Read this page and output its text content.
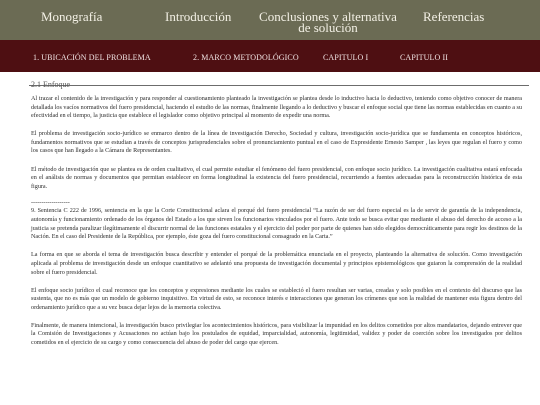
Monografía	Introducción Conclusiones y alternativa de solución
Referencias
1. UBICACIÓN DEL PROBLEMA	2. MARCO METODOLÓGICO	CAPITULO I	CAPITULO II
2.1 Enfoque

Al trazar el contenido de la investigación y para responder al cuestionamiento planteado la investigación se plantea desde lo inductivo hacia lo deductivo, teniendo como objetivo conocer de manera detallada los vacíos normativos del fuero presidencial, haciendo el estudio de las normas, finalmente llegando a lo deductivo y buscar el enfoque social que tiene las normas establecidas en cuanto a su efectividad en el tiempo, la justicia que establece el legislador como objetivo principal al momento de expedir una norma.

El problema de investigación socio-jurídico se enmarco dentro de la línea de investigación Derecho, Sociedad y cultura, investigación socio-jurídica que se fundamenta en conceptos históricos, fundamentos normativos que se estudian a través de conceptos jurisprudenciales sobre el pronunciamiento puntual en el caso de Expresidente Ernesto Samper , las leyes que regulan el fuero y como los casos que han llegado a la Cámara de Representantes.

El método de investigación que se plantea es de orden cualitativo, el cual permite estudiar el fenómeno del fuero presidencial, con enfoque socio jurídico. La investigación cualitativa estará enfocada en el análisis de normas y documentos que permitan establecer en forma longitudinal la existencia del fuero presidencial, recurriendo a fuentes adecuadas para la reconstrucción histórica de esta figura.

-------------------
9. Sentencia C 222 de 1996, sentencia en la que la Corte Constitucional aclara el porqué del fuero presidencial “La razón de ser del fuero especial es la de servir de garantía de la independencia, autonomía y funcionamiento ordenado de los órganos del Estado a los que sirven los funcionarios vinculados por el fuero. Ante todo se busca evitar que mediante el abuso del derecho de acceso a la justicia se pretenda paralizar ilegítimamente el discurrir normal de las funciones estatales y el ejercicio del poder por parte de quienes han sido elegidos democráticamente para regir los destinos de la Nación. En el caso del Presidente de la República, por ejemplo, éste goza del fuero constitucional consagrado en la Carta.”

La forma en que se aborda el tema de investigación busca describir y entender el porqué de la problemática enunciada en el proyecto, planteando la alternativa de solución. Como investigación aplicada al problema de investigación desde un enfoque cuantitativo se adelantó una propuesta de investigación documental y principios epistemológicos que guiaron la comprensión de la realidad sobre el fuero presidencial.

El enfoque socio jurídico el cual reconoce que los conceptos y expresiones mediante los cuales se estableció el fuero resultan ser varias, creadas y solo posibles en el contexto del discurso que las sustenta, que no es más que un modelo de gobierno inquisitivo. En virtud de esto, se reconoce interés e interacciones que generan los crímenes que son la realidad de mantener esta figura dentro del ordenamiento jurídico que a su vez busca dejar lejos de la memoria colectiva.

Finalmente, de manera intencional, la investigación busco privilegiar los acontecimientos históricos, para visibilizar la impunidad en los delitos cometidos por altos mandatarios, dejando entrever que la Comisión de Investigaciones y Acusaciones no actúan bajo los postulados de equidad, imparcialidad, autonomía, legitimidad, validez y poder de coerción sobre los investigados por delitos cometidos en el ejercicio de su cargo y como consecuencia del abuso de poder del cargo que ejercen.
